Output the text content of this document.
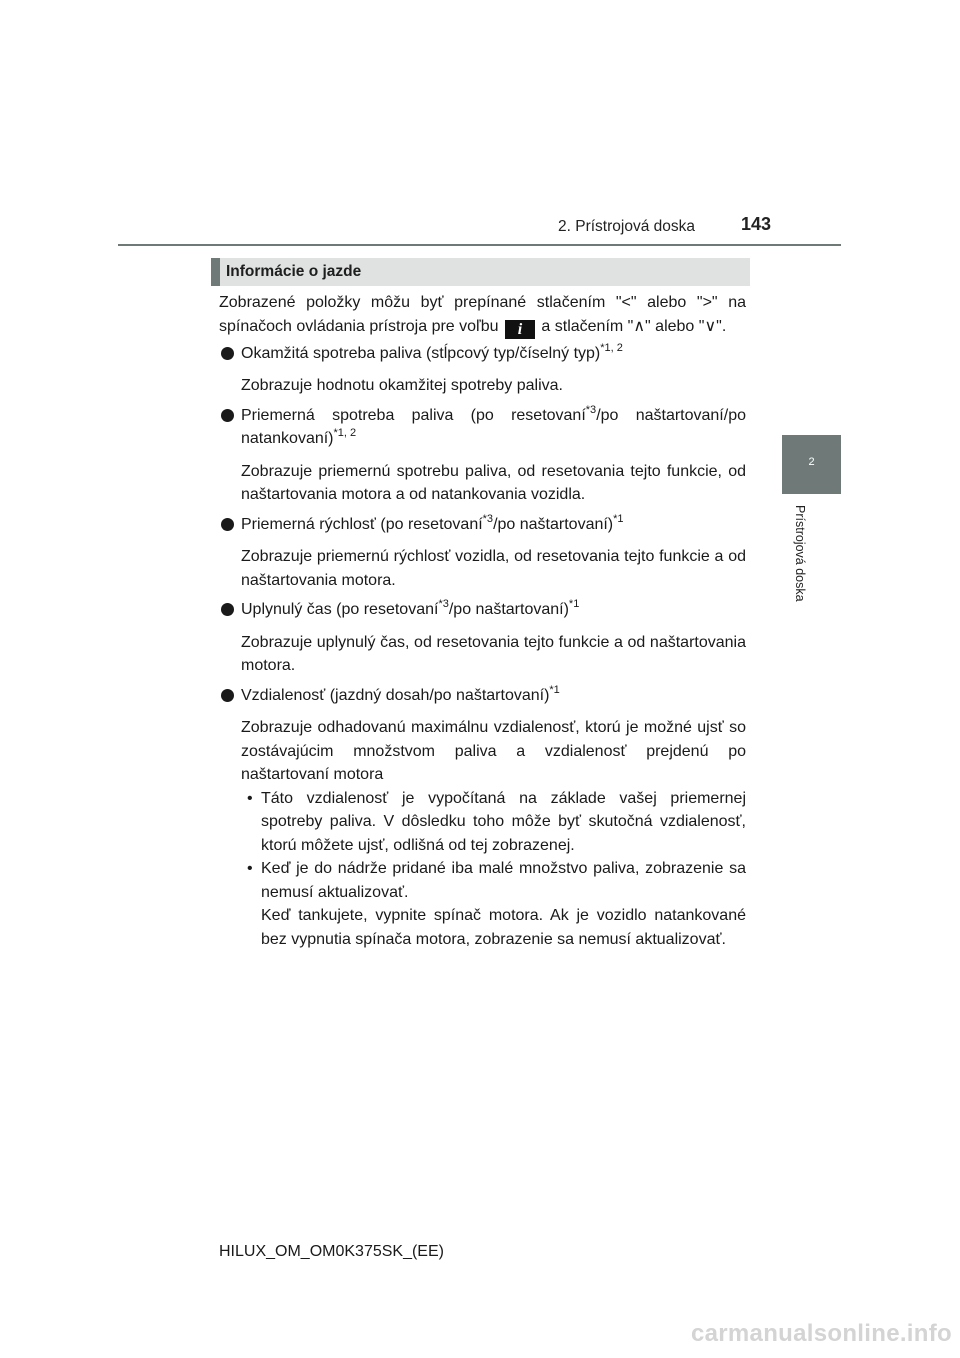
2. Prístrojová doska	143
2
Prístrojová doska
Informácie o jazde

Zobrazené položky môžu byť prepínané stlačením "<" alebo ">" na spínačoch ovládania prístroja pre voľbu i a stlačením "∧" alebo "∨".

Okamžitá spotreba paliva (stĺpcový typ/číselný typ)$^{*1, 2}$

Zobrazuje hodnotu okamžitej spotreby paliva.

Priemerná spotreba paliva (po resetovaní$^{*3}$/po naštartovaní/po natankovaní)$^{*1, 2}$

Zobrazuje priemernú spotrebu paliva, od resetovania tejto funkcie, od naštartovania motora a od natankovania vozidla.

Priemerná rýchlosť (po resetovaní$^{*3}$/po naštartovaní)$^{*1}$

Zobrazuje priemernú rýchlosť vozidla, od resetovania tejto funkcie a od naštartovania motora.

Uplynulý čas (po resetovaní$^{*3}$/po naštartovaní)$^{*1}$

Zobrazuje uplynulý čas, od resetovania tejto funkcie a od naštartovania motora.

Vzdialenosť (jazdný dosah/po naštartovaní)$^{*1}$

Zobrazuje odhadovanú maximálnu vzdialenosť, ktorú je možné ujsť so zostávajúcim množstvom paliva a vzdialenosť prejdenú po naštartovaní motora

• Táto vzdialenosť je vypočítaná na základe vašej priemernej spotreby paliva. V dôsledku toho môže byť skutočná vzdialenosť, ktorú môžete ujsť, odlišná od tej zobrazenej.

• Keď je do nádrže pridané iba malé množstvo paliva, zobrazenie sa nemusí aktualizovať.

Keď tankujete, vypnite spínač motora. Ak je vozidlo natankované bez vypnutia spínača motora, zobrazenie sa nemusí aktualizovať.

HILUX_OM_OM0K375SK_(EE)
carmanualsonline.info
